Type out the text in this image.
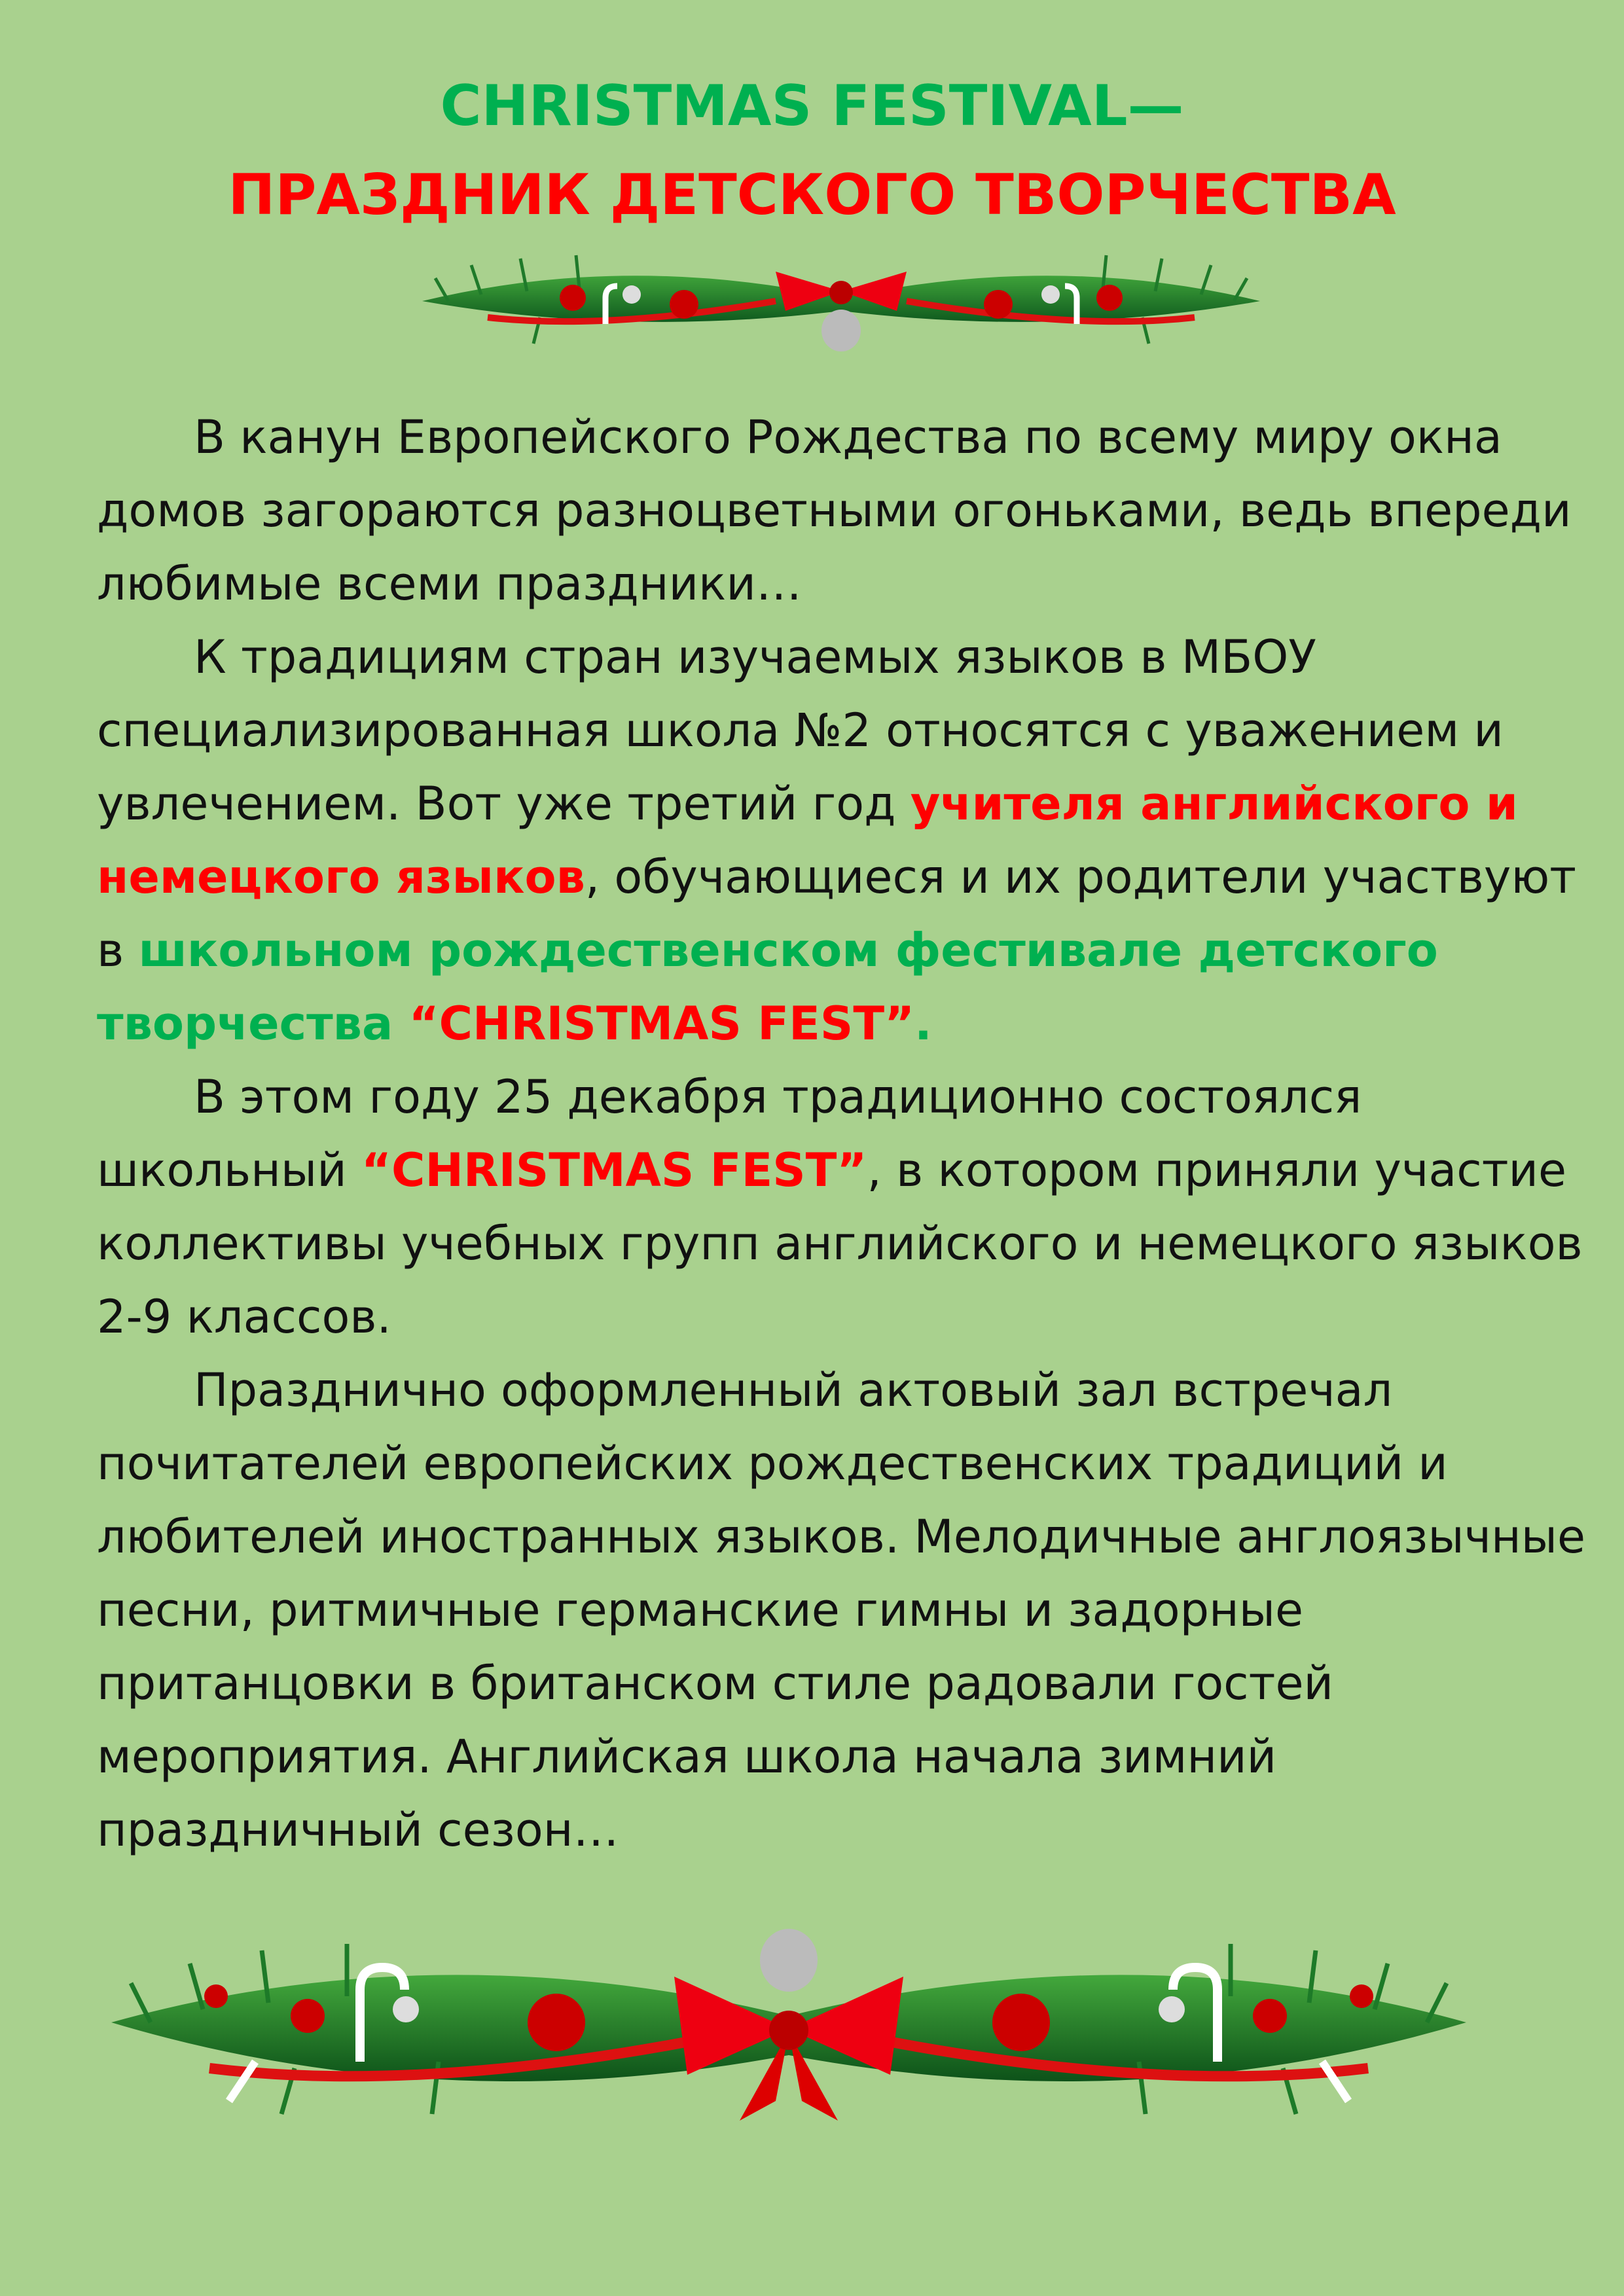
CHRISTMAS FESTIVAL—
ПРАЗДНИК ДЕТСКОГО ТВОРЧЕСТВА

В канун Европейского Рождества по всему миру окна домов загораются разноцветными огоньками, ведь впереди любимые всеми праздники…

К традициям стран изучаемых языков в МБОУ специализированная школа №2 относятся с уважением и увлечением. Вот уже третий год учителя английского и немецкого языков, обучающиеся и их родители участвуют в школьном рождественском фестивале детского творчества “CHRISTMAS FEST”.

В этом году 25 декабря традиционно состоялся школьный “CHRISTMAS FEST”, в котором приняли участие коллективы учебных групп английского и немецкого языков 2-9 классов.

Празднично оформленный актовый зал встречал почитателей европейских рождественских традиций и любителей иностранных языков. Мелодичные англоязычные песни, ритмичные германские гимны и задорные пританцовки в британском стиле радовали гостей мероприятия. Английская школа начала зимний праздничный сезон…
